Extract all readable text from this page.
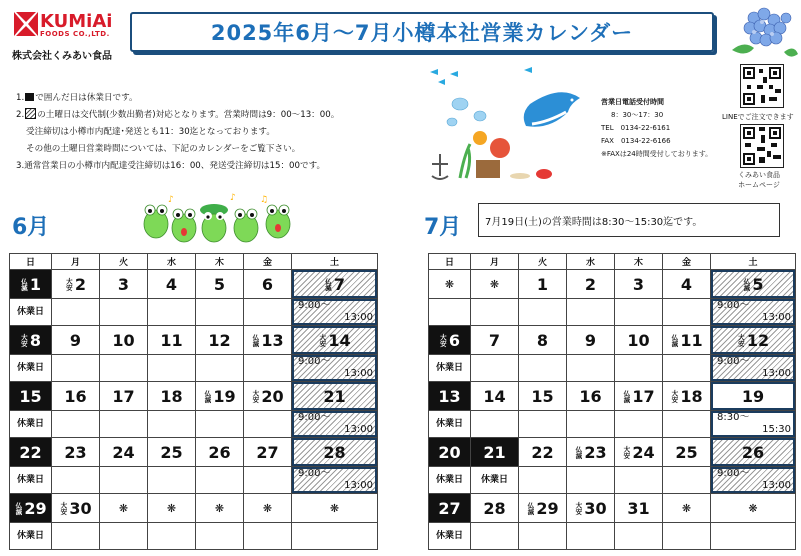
KUMiAi
FOODS CO.,LTD.
株式会社くみあい食品
2025年6月～7月小樽本社営業カレンダー
1. で囲んだ日は休業日です。
2. の土曜日は交代制(少数出勤者)対応となります。営業時間は9：00～13：00。
受注締切は小樽市内配達･発送とも11：30迄となっております。
その他の土曜日営業時間については、下記のカレンダーをご覧下さい。
3.通常営業日の小樽市内配達受注締切は16：00、発送受注締切は15：00です。
営業日電話受付時間
8：30～17：30
TEL　0134-22-6161
FAX　0134-22-6166
※FAXは24時間受付しております。
LINEでご注文できます
くみあい食品
ホームページ
♪	♪	♫
6月	7月	7月19日(土)の営業時間は8:30～15:30迄です。
日	月	火	水	木	金	土

仏滅 1	大安 2	3	4	5	6	仏滅 7

休業日						9:00～
13:00

大安 8	9	10	11	12	仏滅 13	大安 14

休業日						9:00～
13:00

15	16	17	18	仏滅 19	大安 20	21

休業日						9:00～
13:00

22	23	24	25	26	27	28

休業日						9:00～
13:00

仏滅 29	大安 30	❋	❋	❋	❋	❋

休業日						

日	月	火	水	木	金	土

❋	❋	1	2	3	4	仏滅 5

						9:00～
13:00

大安 6	7	8	9	10	仏滅 11	大安 12

休業日						9:00～
13:00

13	14	15	16	仏滅 17	大安 18	19

休業日						8:30～
15:30

20	21	22	仏滅 23	大安 24	25	26

休業日	休業日					9:00～
13:00

27	28	仏滅 29	大安 30	31	❋	❋

休業日						
